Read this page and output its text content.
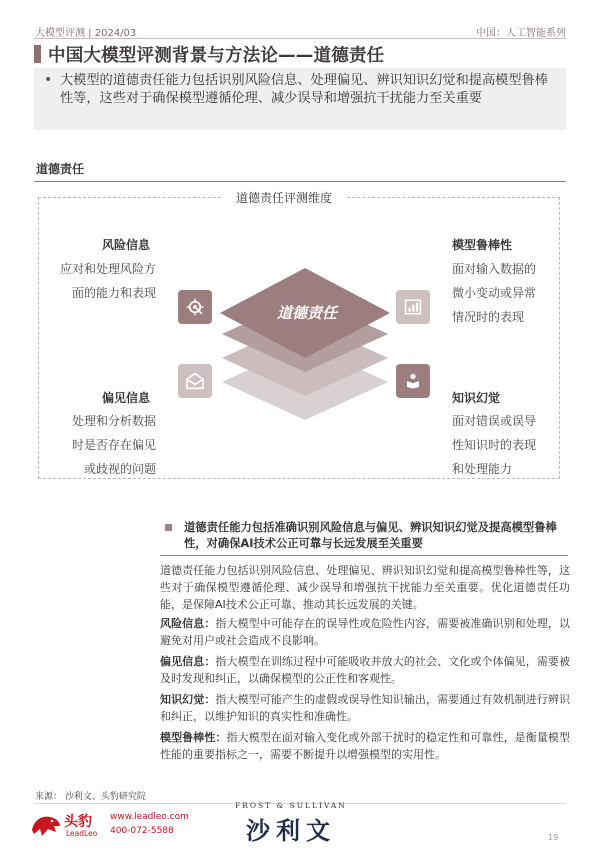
大模型评测 | 2024/03	中国：人工智能系列
中国大模型评测背景与方法论——道德责任
• 大模型的道德责任能力包括识别风险信息、处理偏见、辨识知识幻觉和提高模型鲁棒性等，这些对于确保模型遵循伦理、减少误导和增强抗干扰能力至关重要
道德责任
道德责任评测维度
道德责任
风险信息
应对和处理风险方
面的能力和表现
偏见信息
处理和分析数据
时是否存在偏见
或歧视的问题
模型鲁棒性
面对输入数据的
微小变动或异常
情况时的表现
知识幻觉
面对错误或误导
性知识时的表现
和处理能力
道德责任能力包括准确识别风险信息与偏见、辨识知识幻觉及提高模型鲁棒性，对确保AI技术公正可靠与长远发展至关重要
道德责任能力包括识别风险信息、处理偏见、辨识知识幻觉和提高模型鲁棒性等，这些对于确保模型遵循伦理、减少误导和增强抗干扰能力至关重要。优化道德责任功能，是保障AI技术公正可靠、推动其长远发展的关键。
风险信息：指大模型中可能存在的误导性或危险性内容，需要被准确识别和处理，以避免对用户或社会造成不良影响。
偏见信息：指大模型在训练过程中可能吸收并放大的社会、文化或个体偏见，需要被及时发现和纠正，以确保模型的公正性和客观性。
知识幻觉：指大模型可能产生的虚假或误导性知识输出，需要通过有效机制进行辨识和纠正，以维护知识的真实性和准确性。
模型鲁棒性：指大模型在面对输入变化或外部干扰时的稳定性和可靠性，是衡量模型性能的重要指标之一，需要不断提升以增强模型的实用性。
来源： 沙利文、头豹研究院
头豹
LeadLeo
www.leadleo.com
400-072-5588
FROST & SULLIVAN
沙利文	19
